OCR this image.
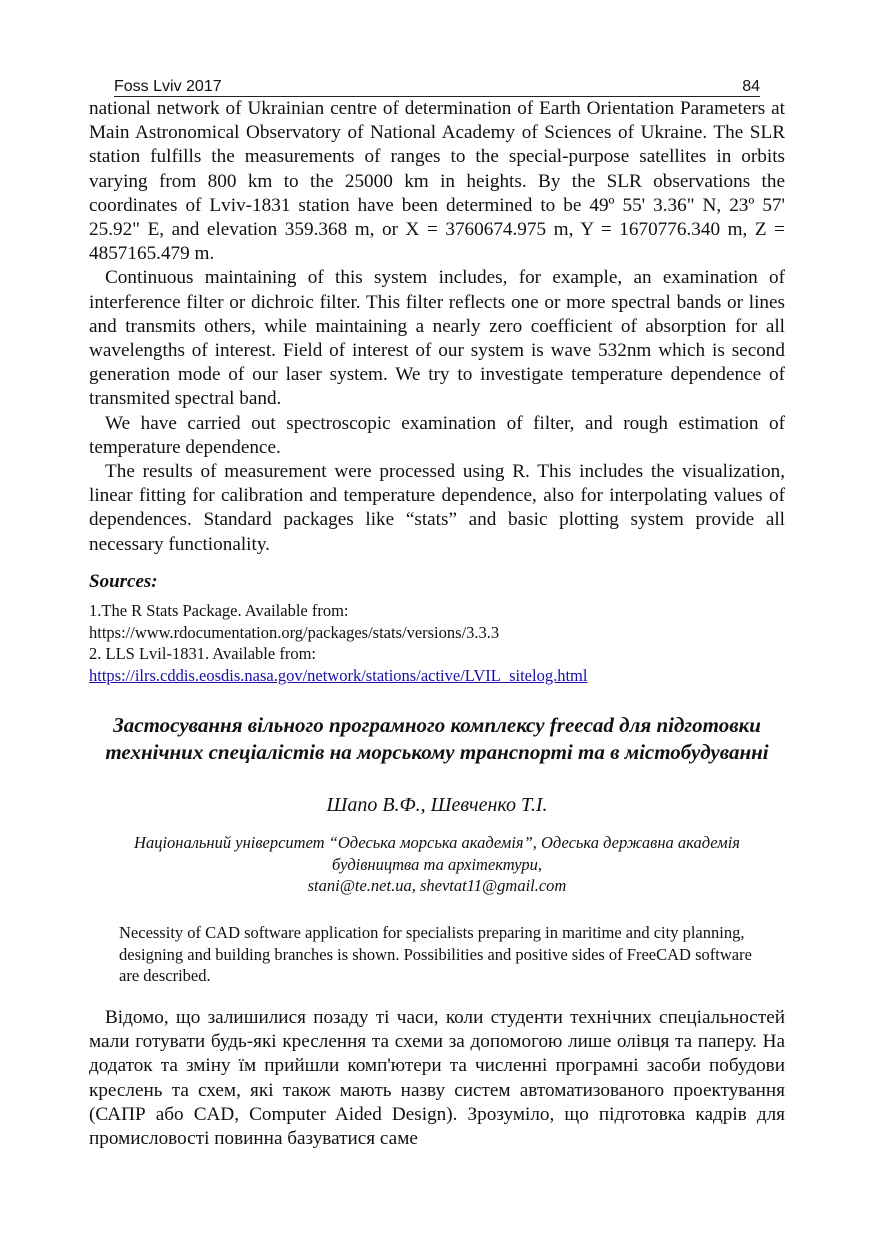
Foss Lviv 2017	84

national network of Ukrainian centre of determination of Earth Orientation Parameters at Main Astronomical Observatory of National Academy of Sciences of Ukraine. The SLR station fulfills the measurements of ranges to the special-purpose satellites in orbits varying from 800 km to the 25000 km in heights. By the SLR observations the coordinates of Lviv-1831 station have been determined to be 49º 55' 3.36" N, 23º 57' 25.92" E, and elevation 359.368 m, or X = 3760674.975 m, Y = 1670776.340 m, Z = 4857165.479 m.

Continuous maintaining of this system includes, for example, an examination of interference filter or dichroic filter. This filter reflects one or more spectral bands or lines and transmits others, while maintaining a nearly zero coefficient of absorption for all wavelengths of interest. Field of interest of our system is wave 532nm which is second generation mode of our laser system. We try to investigate temperature dependence of transmited spectral band.

We have carried out spectroscopic examination of filter, and rough estimation of temperature dependence.

The results of measurement were processed using R. This includes the visualization, linear fitting for calibration and temperature dependence, also for interpolating values of dependences. Standard packages like “stats” and basic plotting system provide all necessary functionality.

Sources:
1.The R Stats Package. Available from:
https://www.rdocumentation.org/packages/stats/versions/3.3.3
2. LLS Lvil-1831. Available from:
https://ilrs.cddis.eosdis.nasa.gov/network/stations/active/LVIL_sitelog.html
Застосування вільного програмного комплексу freecad для підготовки технічних спеціалістів на морському транспорті та в містобудуванні
Шапо В.Ф., Шевченко Т.І.
Національний університет “Одеська морська академія”, Одеська державна академія будівництва та архітектури,
stani@te.net.ua, shevtat11@gmail.com
Necessity of CAD software application for specialists preparing in maritime and city planning, designing and building branches is shown. Possibilities and positive sides of FreeCAD software are described.

Відомо, що залишилися позаду ті часи, коли студенти технічних спеціальностей мали готувати будь-які креслення та схеми за допомогою лише олівця та паперу. На додаток та зміну їм прийшли комп'ютери та численні програмні засоби побудови креслень та схем, які також мають назву систем автоматизованого проектування (САПР або CAD, Computer Aided Design). Зрозуміло, що підготовка кадрів для промисловості повинна базуватися саме
